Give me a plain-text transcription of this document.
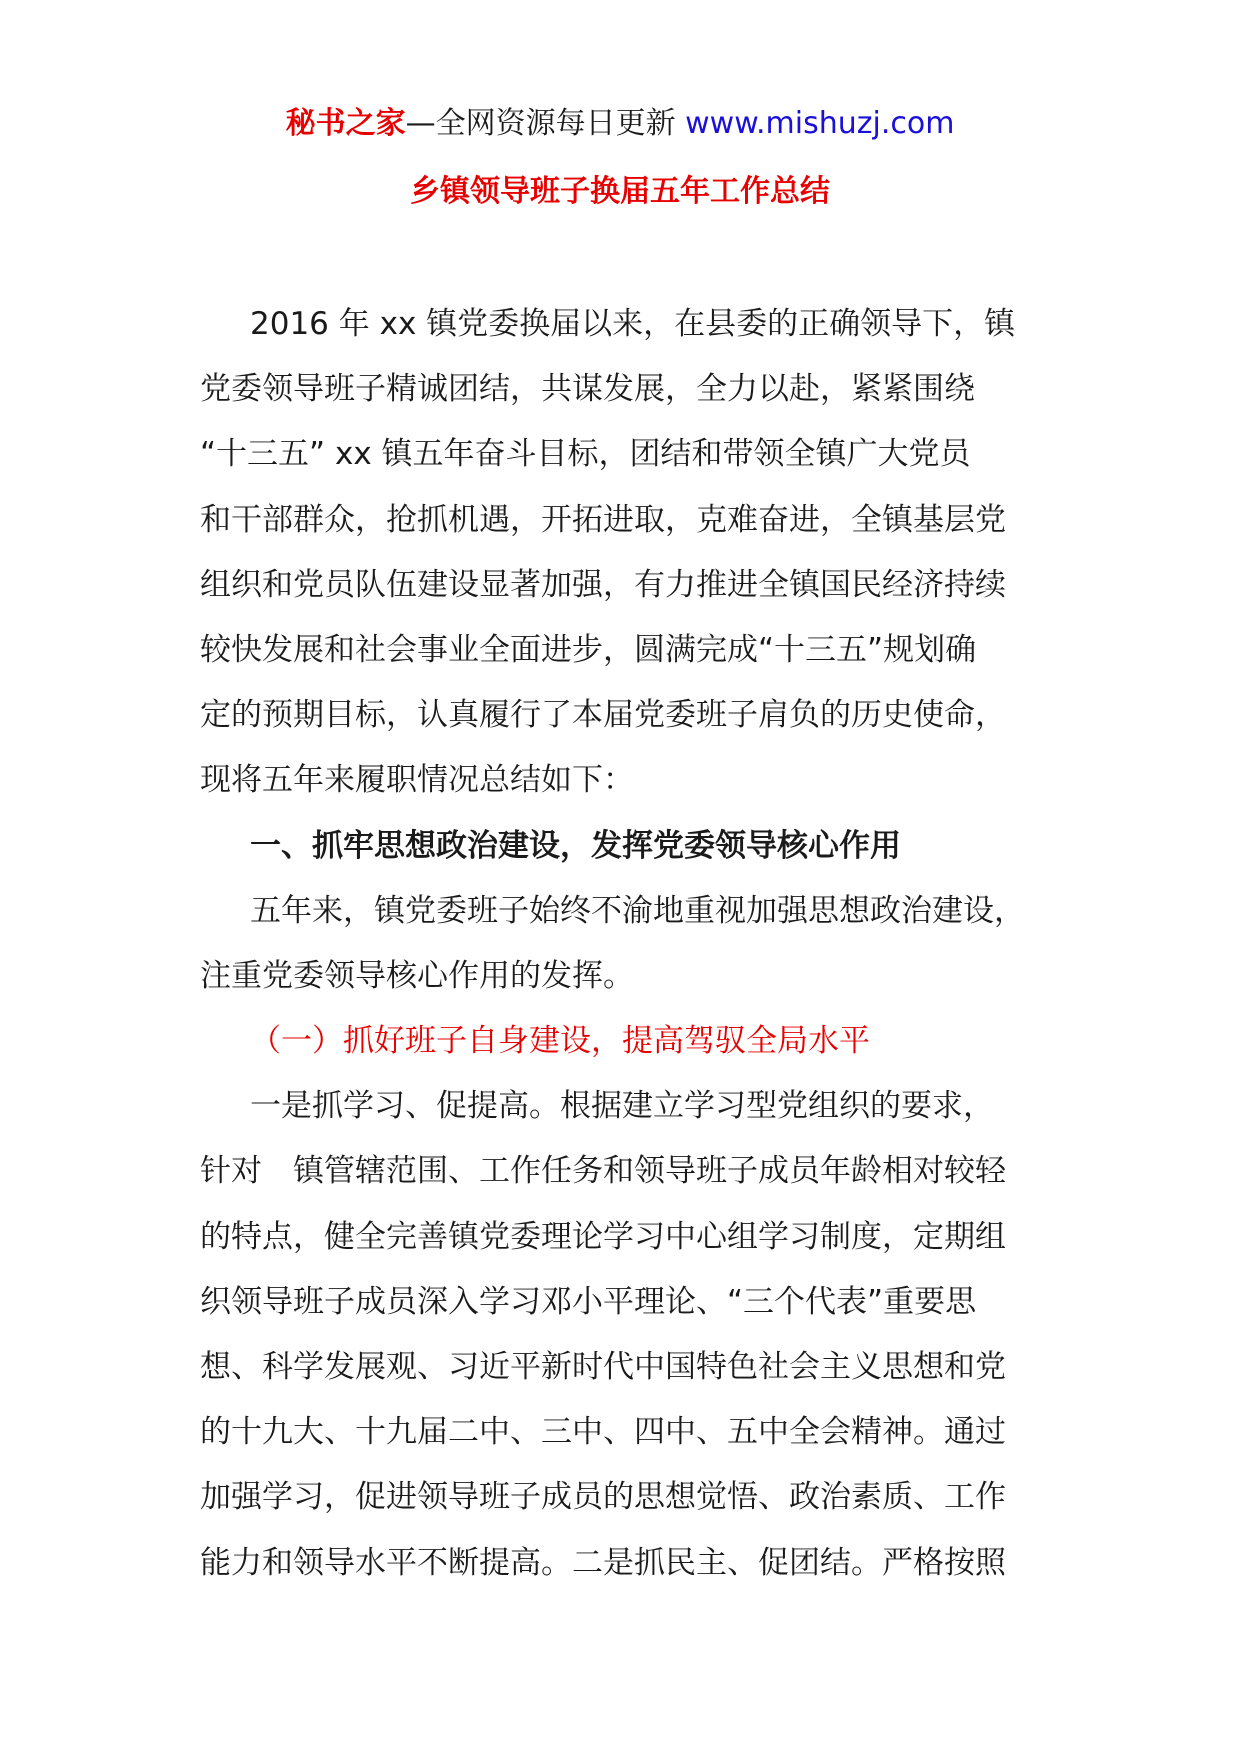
秘书之家—全网资源每日更新 www.mishuzj.com
乡镇领导班子换届五年工作总结
2016 年 xx 镇党委换届以来，在县委的正确领导下，镇
党委领导班子精诚团结，共谋发展，全力以赴，紧紧围绕
“十三五” xx 镇五年奋斗目标，团结和带领全镇广大党员
和干部群众，抢抓机遇，开拓进取，克难奋进，全镇基层党
组织和党员队伍建设显著加强，有力推进全镇国民经济持续
较快发展和社会事业全面进步，圆满完成“十三五”规划确
定的预期目标，认真履行了本届党委班子肩负的历史使命，
现将五年来履职情况总结如下：
一、抓牢思想政治建设，发挥党委领导核心作用
五年来，镇党委班子始终不渝地重视加强思想政治建设，
注重党委领导核心作用的发挥。
（一）抓好班子自身建设，提高驾驭全局水平
一是抓学习、促提高。根据建立学习型党组织的要求，
针对　镇管辖范围、工作任务和领导班子成员年龄相对较轻
的特点，健全完善镇党委理论学习中心组学习制度，定期组
织领导班子成员深入学习邓小平理论、“三个代表”重要思
想、科学发展观、习近平新时代中国特色社会主义思想和党
的十九大、十九届二中、三中、四中、五中全会精神。通过
加强学习，促进领导班子成员的思想觉悟、政治素质、工作
能力和领导水平不断提高。二是抓民主、促团结。严格按照
